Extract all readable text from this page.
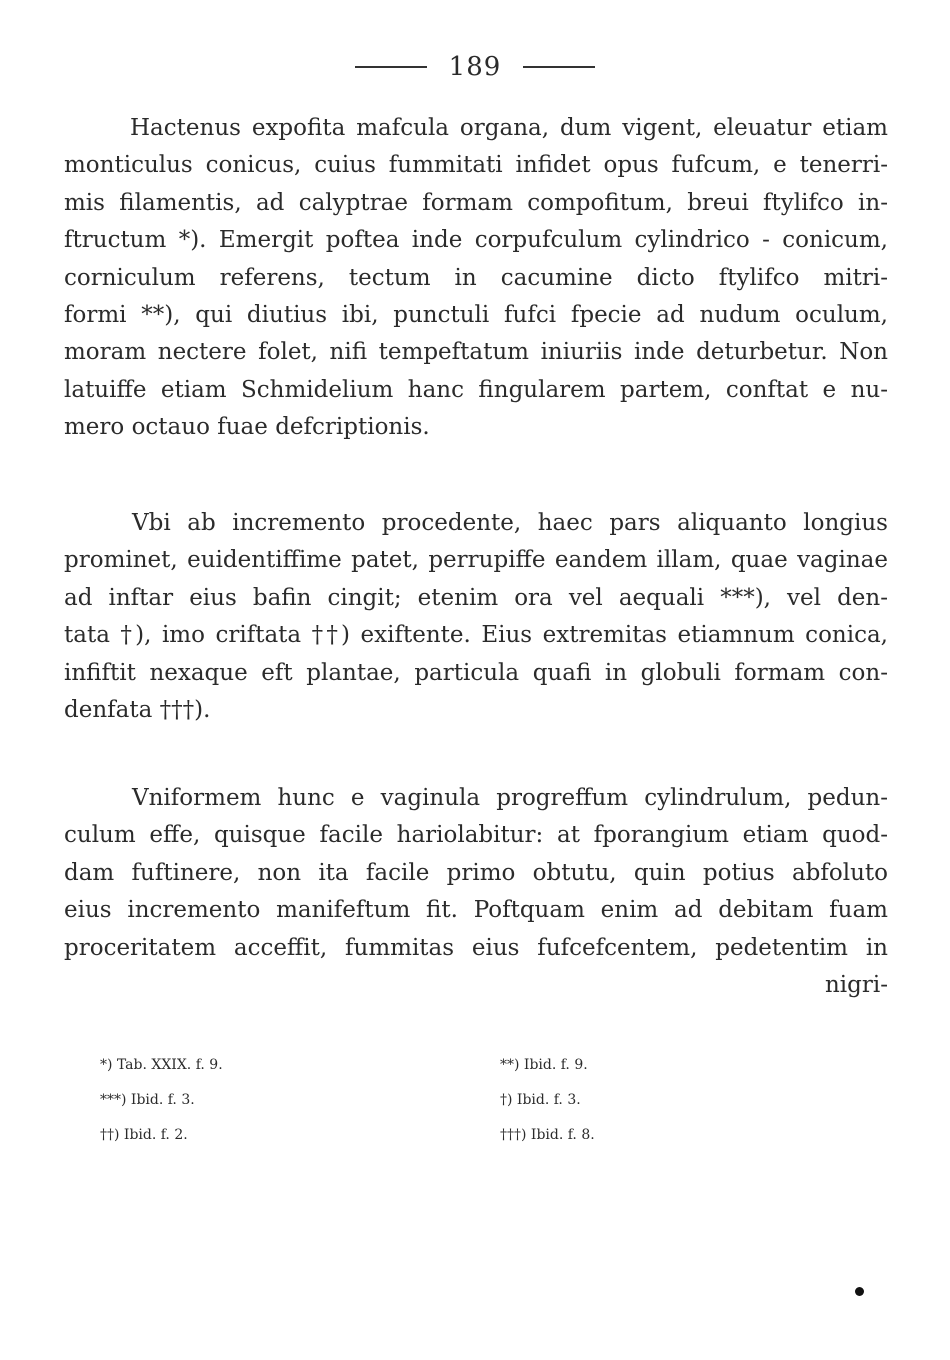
189
Hactenus expofita mafcula organa, dum vigent, eleuatur etiam
monticulus conicus, cuius fummitati infidet opus fufcum, e tenerri-
mis filamentis, ad calyptrae formam compofitum, breui ftylifco in-
ftructum *). Emergit poftea inde corpufculum cylindrico - conicum,
corniculum referens, tectum in cacumine dicto ftylifco mitri-
formi **), qui diutius ibi, punctuli fufci fpecie ad nudum oculum,
moram nectere folet, nifi tempeftatum iniuriis inde deturbetur. Non
latuiffe etiam Schmidelium hanc fingularem partem, conftat e nu-
mero octauo fuae defcriptionis.
Vbi ab incremento procedente, haec pars aliquanto longius
prominet, euidentiffime patet, perrupiffe eandem illam, quae vaginae
ad inftar eius bafin cingit; etenim ora vel aequali ***), vel den-
tata †), imo criftata ††) exiftente. Eius extremitas etiamnum conica,
infiftit nexaque eft plantae, particula quafi in globuli formam con-
denfata †††).
Vniformem hunc e vaginula progreffum cylindrulum, pedun-
culum effe, quisque facile hariolabitur: at fporangium etiam quod-
dam fuftinere, non ita facile primo obtutu, quin potius abfoluto
eius incremento manifeftum fit. Poftquam enim ad debitam fuam
proceritatem acceffit, fummitas eius fufcefcentem, pedetentim in
nigri-
*) Tab. XXIX. f. 9.	**) Ibid. f. 9.
***) Ibid. f. 3.	†) Ibid. f. 3.
††) Ibid. f. 2.	†††) Ibid. f. 8.
